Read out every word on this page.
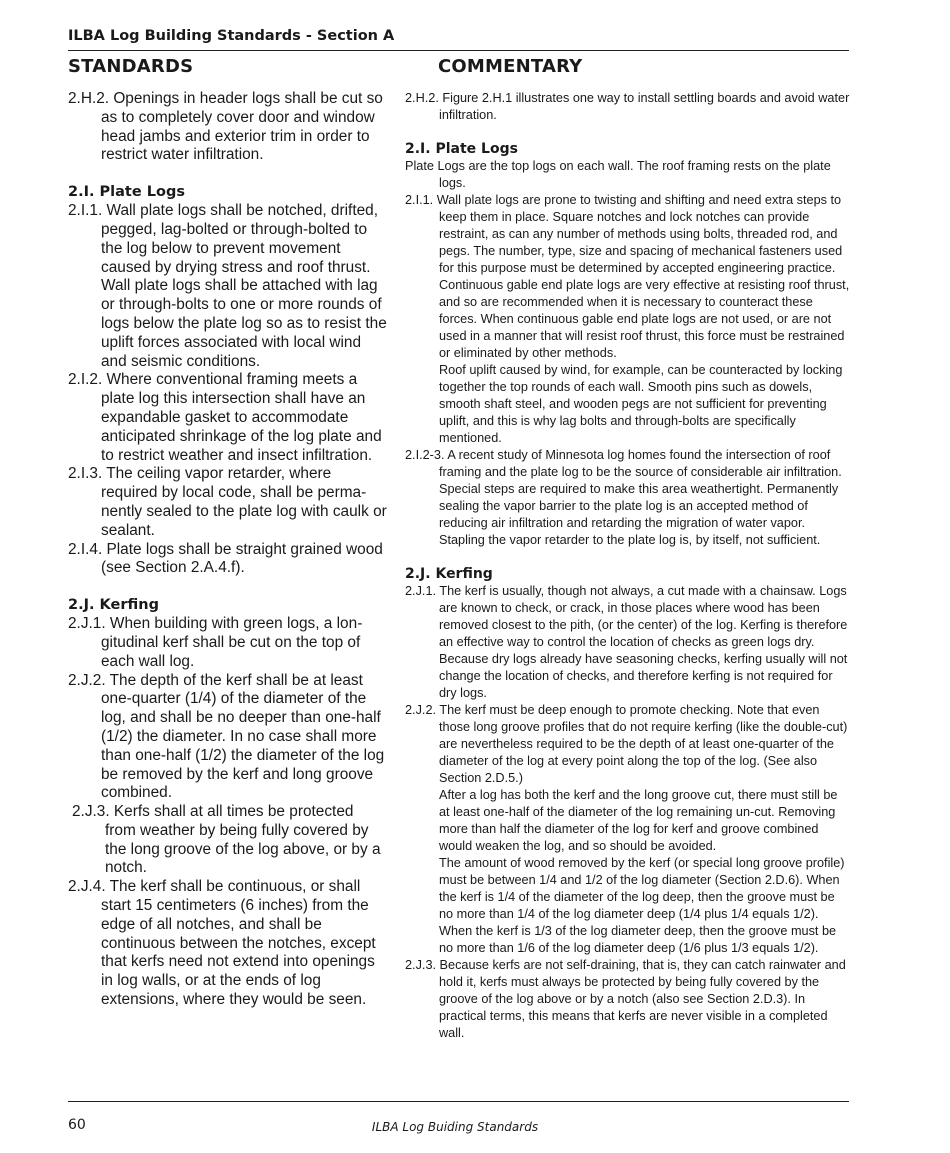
ILBA Log Building Standards - Section A
STANDARDS	COMMENTARY

2.H.2. Openings in header logs shall be cut so as to completely cover door and window head jambs and exterior trim in order to restrict water infiltration.

2.I. Plate Logs

2.I.1. Wall plate logs shall be notched, drifted, pegged, lag-bolted or through-bolted to the log below to prevent movement caused by drying stress and roof thrust. Wall plate logs shall be attached with lag or through-bolts to one or more rounds of logs below the plate log so as to resist the uplift forces associated with local wind and seismic conditions.

2.I.2. Where conventional framing meets a plate log this intersection shall have an expandable gasket to accommodate anticipated shrinkage of the log plate and to restrict weather and insect infiltration.

2.I.3. The ceiling vapor retarder, where required by local code, shall be permanently sealed to the plate log with caulk or sealant.

2.I.4. Plate logs shall be straight grained wood (see Section 2.A.4.f).

2.J. Kerfing

2.J.1. When building with green logs, a longitudinal kerf shall be cut on the top of each wall log.

2.J.2. The depth of the kerf shall be at least one-quarter (1/4) of the diameter of the log, and shall be no deeper than one-half (1/2) the diameter. In no case shall more than one-half (1/2) the diameter of the log be removed by the kerf and long groove combined.

2.J.3. Kerfs shall at all times be protected from weather by being fully covered by the long groove of the log above, or by a notch.

2.J.4. The kerf shall be continuous, or shall start 15 centimeters (6 inches) from the edge of all notches, and shall be continuous between the notches, except that kerfs need not extend into openings in log walls, or at the ends of log extensions, where they would be seen.

2.H.2. Figure 2.H.1 illustrates one way to install settling boards and avoid water infiltration.

2.I. Plate Logs

Plate Logs are the top logs on each wall. The roof framing rests on the plate logs.

2.I.1. Wall plate logs are prone to twisting and shifting and need extra steps to keep them in place. Square notches and lock notches can provide restraint, as can any number of methods using bolts, threaded rod, and pegs. The number, type, size and spacing of mechanical fasteners used for this purpose must be determined by accepted engineering practice. Continuous gable end plate logs are very effective at resisting roof thrust, and so are recommended when it is necessary to counteract these forces. When continuous gable end plate logs are not used, or are not used in a manner that will resist roof thrust, this force must be restrained or eliminated by other methods.

Roof uplift caused by wind, for example, can be counteracted by locking together the top rounds of each wall. Smooth pins such as dowels, smooth shaft steel, and wooden pegs are not sufficient for preventing uplift, and this is why lag bolts and through-bolts are specifically mentioned.

2.I.2-3. A recent study of Minnesota log homes found the intersection of roof framing and the plate log to be the source of considerable air infiltration. Special steps are required to make this area weathertight. Permanently sealing the vapor barrier to the plate log is an accepted method of reducing air infiltration and retarding the migration of water vapor. Stapling the vapor retarder to the plate log is, by itself, not sufficient.

2.J. Kerfing

2.J.1. The kerf is usually, though not always, a cut made with a chainsaw. Logs are known to check, or crack, in those places where wood has been removed closest to the pith, (or the center) of the log. Kerfing is therefore an effective way to control the location of checks as green logs dry.

Because dry logs already have seasoning checks, kerfing usually will not change the location of checks, and therefore kerfing is not required for dry logs.

2.J.2. The kerf must be deep enough to promote checking. Note that even those long groove profiles that do not require kerfing (like the double-cut) are nevertheless required to be the depth of at least one-quarter of the diameter of the log at every point along the top of the log. (See also Section 2.D.5.)

After a log has both the kerf and the long groove cut, there must still be at least one-half of the diameter of the log remaining un-cut. Removing more than half the diameter of the log for kerf and groove combined would weaken the log, and so should be avoided.

The amount of wood removed by the kerf (or special long groove profile) must be between 1/4 and 1/2 of the log diameter (Section 2.D.6). When the kerf is 1/4 of the diameter of the log deep, then the groove must be no more than 1/4 of the log diameter deep (1/4 plus 1/4 equals 1/2). When the kerf is 1/3 of the log diameter deep, then the groove must be no more than 1/6 of the log diameter deep (1/6 plus 1/3 equals 1/2).

2.J.3. Because kerfs are not self-draining, that is, they can catch rainwater and hold it, kerfs must always be protected by being fully covered by the groove of the log above or by a notch (also see Section 2.D.3). In practical terms, this means that kerfs are never visible in a completed wall.

60	ILBA Log Buiding Standards
